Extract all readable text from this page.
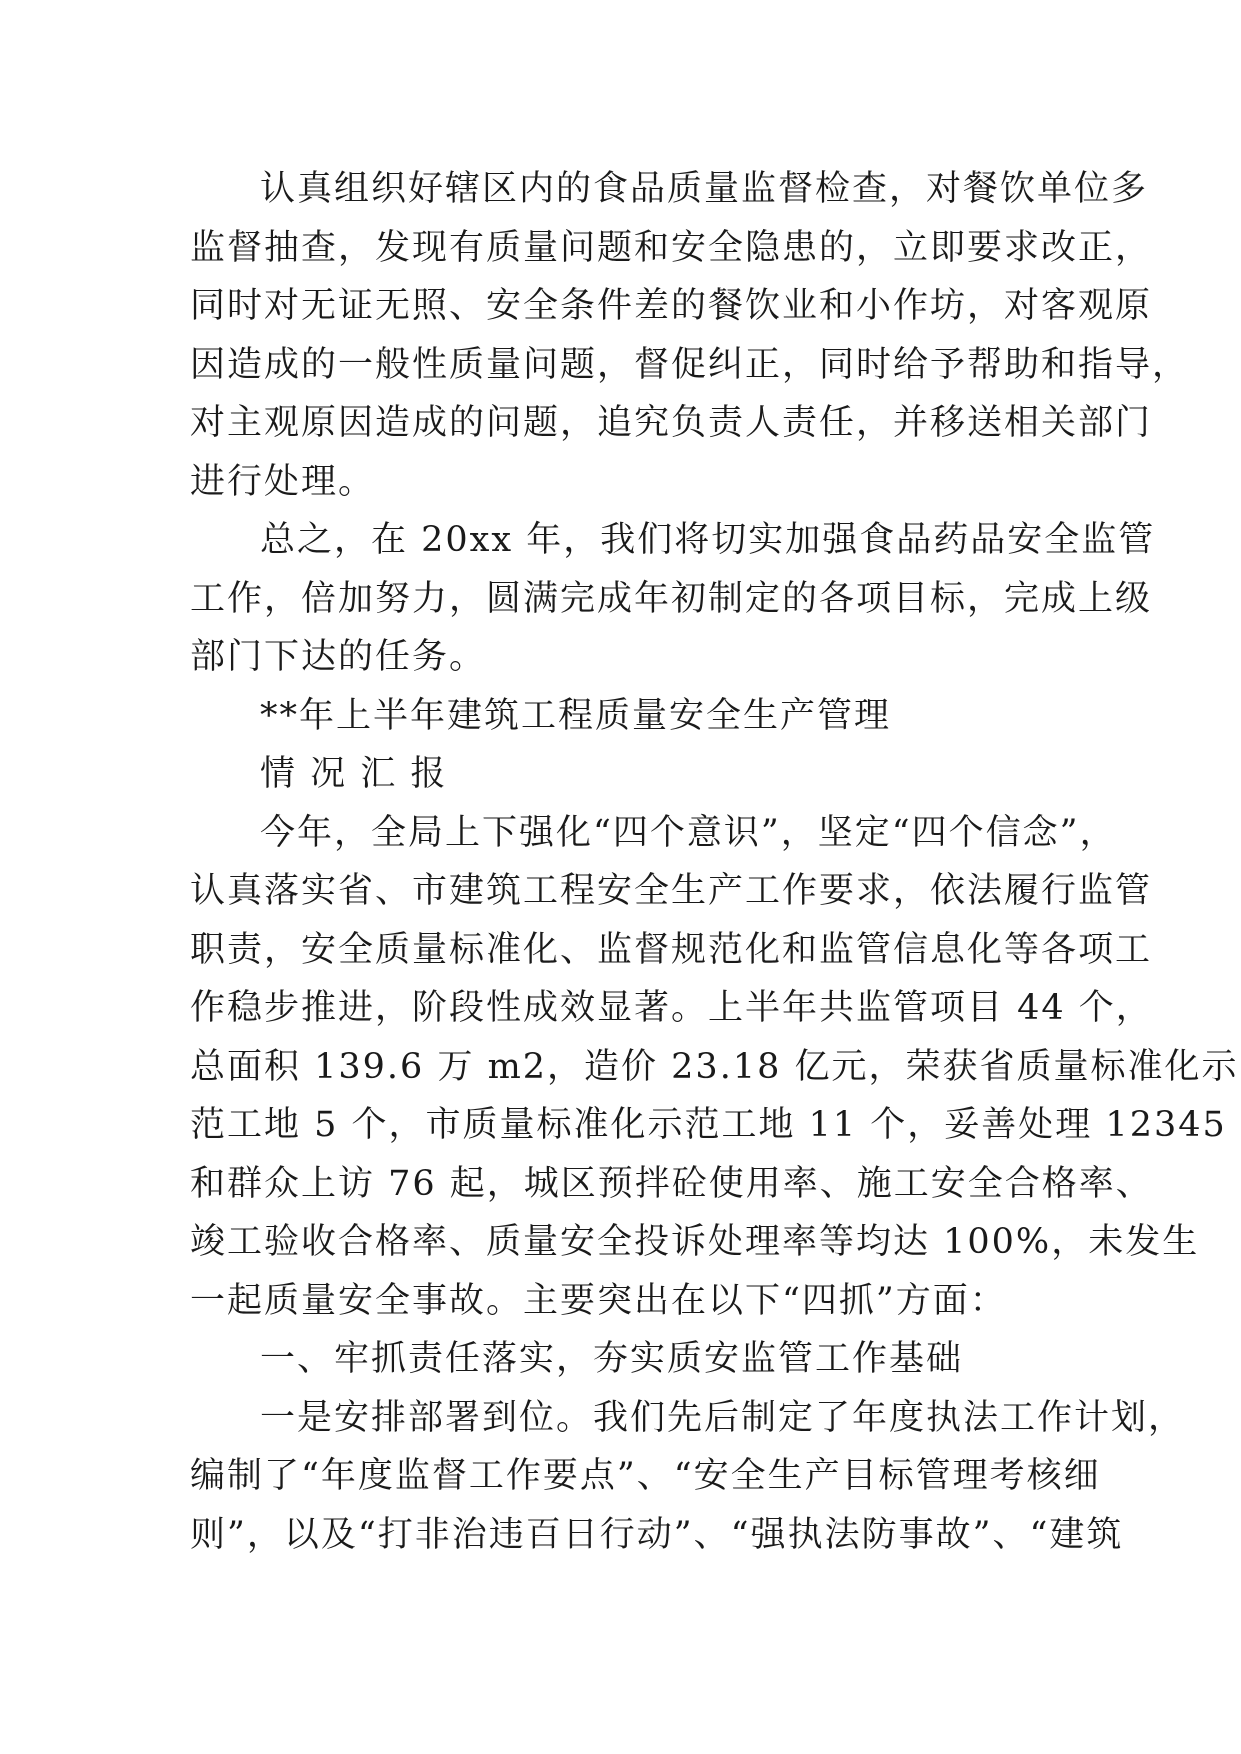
认真组织好辖区内的食品质量监督检查，对餐饮单位多
监督抽查，发现有质量问题和安全隐患的，立即要求改正，
同时对无证无照、安全条件差的餐饮业和小作坊，对客观原
因造成的一般性质量问题，督促纠正，同时给予帮助和指导，
对主观原因造成的问题，追究负责人责任，并移送相关部门
进行处理。
总之，在 20xx 年，我们将切实加强食品药品安全监管
工作，倍加努力，圆满完成年初制定的各项目标，完成上级
部门下达的任务。
**年上半年建筑工程质量安全生产管理
情 况 汇 报
今年，全局上下强化“四个意识”，坚定“四个信念”，
认真落实省、市建筑工程安全生产工作要求，依法履行监管
职责，安全质量标准化、监督规范化和监管信息化等各项工
作稳步推进，阶段性成效显著。上半年共监管项目 44 个，
总面积 139.6 万 m2，造价 23.18 亿元，荣获省质量标准化示
范工地 5 个，市质量标准化示范工地 11 个，妥善处理 12345
和群众上访 76 起，城区预拌砼使用率、施工安全合格率、
竣工验收合格率、质量安全投诉处理率等均达 100%，未发生
一起质量安全事故。主要突出在以下“四抓”方面：
一、牢抓责任落实，夯实质安监管工作基础
一是安排部署到位。我们先后制定了年度执法工作计划，
编制了“年度监督工作要点”、“安全生产目标管理考核细
则”，以及“打非治违百日行动”、“强执法防事故”、“建筑
